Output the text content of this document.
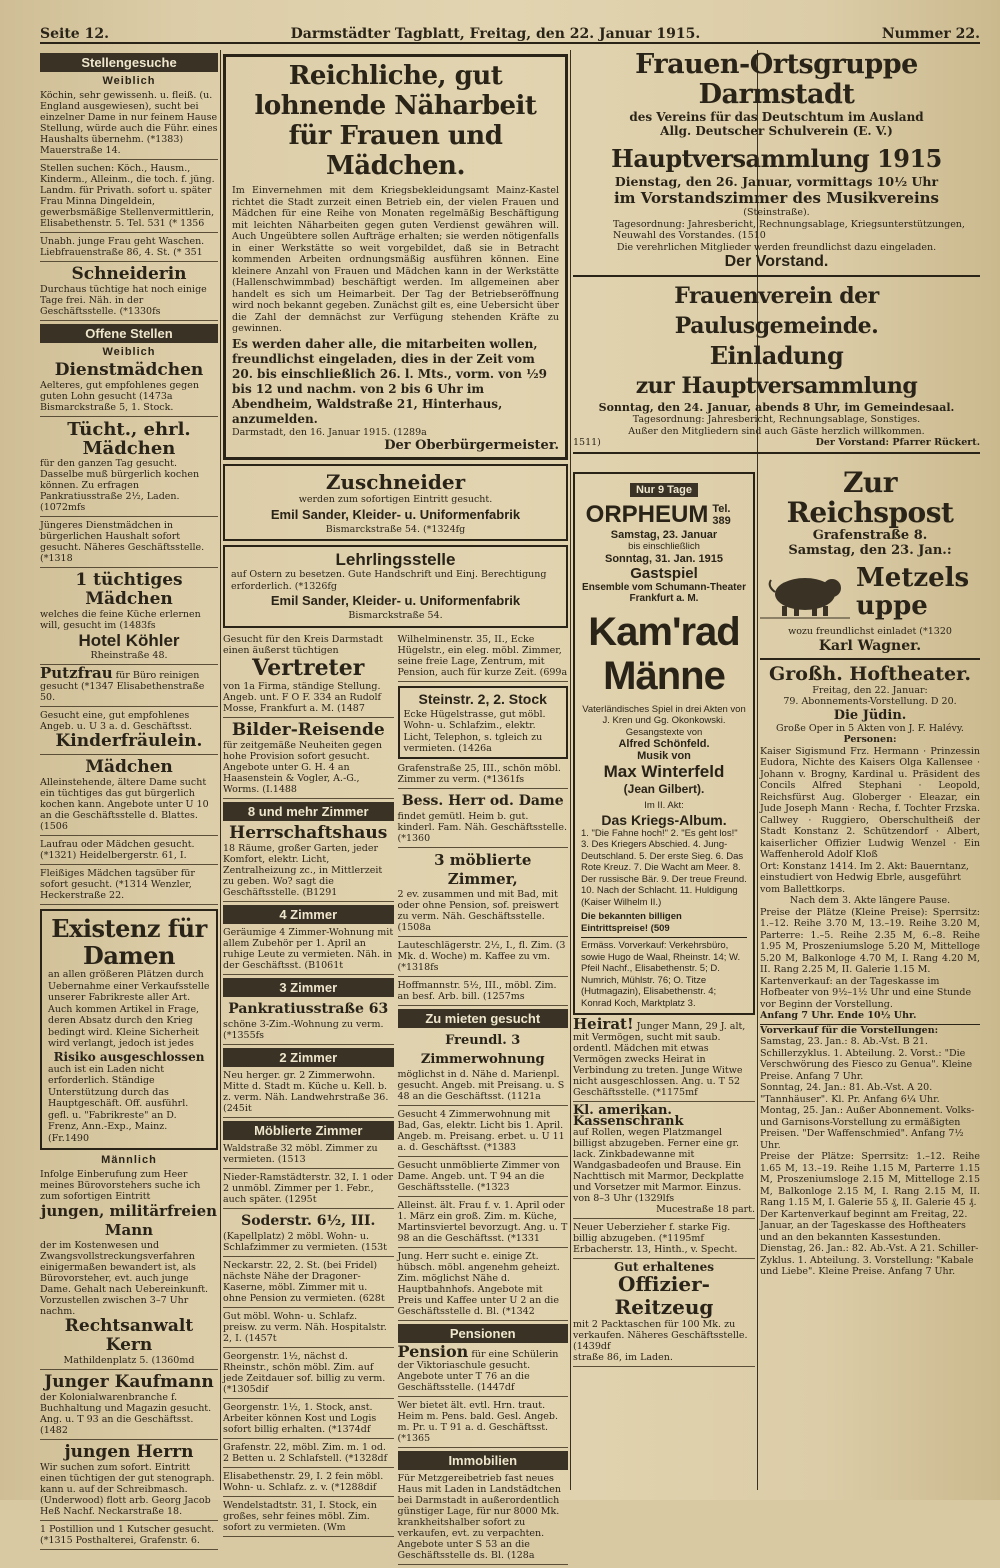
Seite 12.	Darmstädter Tagblatt, Freitag, den 22. Januar 1915.	Nummer 22.
Stellengesuche
Weiblich
Köchin, sehr gewissenh. u. fleiß. (u. England ausgewiesen), sucht bei einzelner Dame in nur feinem Hause Stellung, würde auch die Führ. eines Haushalts übernehm. (*1383) Mauerstraße 14.
Stellen suchen: Köch., Hausm., Kinderm., Alleinm., die toch. f. jüng. Landm. für Privath. sofort u. später Frau Minna Dingeldein, gewerbsmäßige Stellenvermittlerin, Elisabethenstr. 5. Tel. 531 (* 1356
Unabh. junge Frau geht Waschen. Liebfrauenstraße 86, 4. St. (* 351
Schneiderin
Durchaus tüchtige hat noch einige Tage frei. Näh. in der Geschäftsstelle. (*1330fs
Offene Stellen
Weiblich
Dienstmädchen
Aelteres, gut empfohlenes gegen guten Lohn gesucht (1473a Bismarckstraße 5, 1. Stock.
Tücht., ehrl. Mädchen
für den ganzen Tag gesucht. Dasselbe muß bürgerlich kochen können. Zu erfragen Pankratiusstraße 2½, Laden. (1072mfs
Jüngeres Dienstmädchen in bürgerlichen Haushalt sofort gesucht. Näheres Geschäftsstelle. (*1318
1 tüchtiges Mädchen
welches die feine Küche erlernen will, gesucht im (1483fs
Hotel Köhler
Rheinstraße 48.
Putzfrau für Büro reinigen gesucht (*1347 Elisabethenstraße 50.
Gesucht eine, gut empfohlenes Angeb. u. U 3 a. d. Geschäftsst.
Kinderfräulein.
Mädchen
Alleinstehende, ältere Dame sucht ein tüchtiges das gut bürgerlich kochen kann. Angebote unter U 10 an die Geschäftsstelle d. Blattes. (1506
Laufrau oder Mädchen gesucht. (*1321) Heidelbergerstr. 61, I.
Fleißiges Mädchen tagsüber für sofort gesucht. (*1314 Wenzler, Heckerstraße 22.
Existenz für Damen
an allen größeren Plätzen durch Uebernahme einer Verkaufsstelle unserer Fabrikreste aller Art. Auch kommen Artikel in Frage, deren Absatz durch den Krieg bedingt wird. Kleine Sicherheit wird verlangt, jedoch ist jedes
Risiko ausgeschlossen
auch ist ein Laden nicht erforderlich. Ständige Unterstützung durch das Hauptgeschäft. Off. ausführl. gefl. u. "Fabrikreste" an D. Frenz, Ann.-Exp., Mainz. (Fr.1490
Männlich
Infolge Einberufung zum Heer meines Bürovorstehers suche ich zum sofortigen Eintritt
jungen, militärfreien Mann
der im Kostenwesen und Zwangsvollstreckungsverfahren einigermaßen bewandert ist, als Bürovorsteher, evt. auch junge Dame. Gehalt nach Uebereinkunft. Vorzustellen zwischen 3–7 Uhr nachm.
Rechtsanwalt Kern
Mathildenplatz 5. (1360md
Junger Kaufmann
der Kolonialwarenbranche f. Buchhaltung und Magazin gesucht. Ang. u. T 93 an die Geschäftsst. (1482
jungen Herrn
Wir suchen zum sofort. Eintritt einen tüchtigen der gut stenograph. kann u. auf der Schreibmasch. (Underwood) flott arb. Georg Jacob Heß Nachf. Neckarstraße 18.
1 Postillion und 1 Kutscher gesucht. (*1315 Posthalterei, Grafenstr. 6.
Reichliche, gut lohnende Näharbeit für Frauen und Mädchen.
Im Einvernehmen mit dem Kriegsbekleidungsamt Mainz-Kastel richtet die Stadt zurzeit einen Betrieb ein, der vielen Frauen und Mädchen für eine Reihe von Monaten regelmäßig Beschäftigung mit leichten Näharbeiten gegen guten Verdienst gewähren will. Auch Ungeübtere sollen Aufträge erhalten; sie werden nötigenfalls in einer Werkstätte so weit vorgebildet, daß sie in Betracht kommenden Arbeiten ordnungsmäßig ausführen können. Eine kleinere Anzahl von Frauen und Mädchen kann in der Werkstätte (Hallenschwimmbad) beschäftigt werden. Im allgemeinen aber handelt es sich um Heimarbeit. Der Tag der Betriebseröffnung wird noch bekannt gegeben. Zunächst gilt es, eine Uebersicht über die Zahl der demnächst zur Verfügung stehenden Kräfte zu gewinnen.
Es werden daher alle, die mitarbeiten wollen, freundlichst eingeladen, dies in der Zeit vom 20. bis einschließlich 26. l. Mts., vorm. von ½9 bis 12 und nachm. von 2 bis 6 Uhr im Abendheim, Waldstraße 21, Hinterhaus, anzumelden.
Darmstadt, den 16. Januar 1915. (1289a
Der Oberbürgermeister.
Zuschneider
werden zum sofortigen Eintritt gesucht.
Emil Sander, Kleider- u. Uniformenfabrik
Bismarckstraße 54. (*1324fg
Lehrlingsstelle
auf Ostern zu besetzen. Gute Handschrift und Einj. Berechtigung erforderlich. (*1326fg
Emil Sander, Kleider- u. Uniformenfabrik
Bismarckstraße 54.
Gesucht für den Kreis Darmstadt einen äußerst tüchtigen
Vertreter
von 1a Firma, ständige Stellung. Angeb. unt. F O F. 334 an Rudolf Mosse, Frankfurt a. M. (1487
Bilder-Reisende
für zeitgemäße Neuheiten gegen hohe Provision sofort gesucht. Angebote unter G. H. 4 an Haasenstein & Vogler, A.-G., Worms. (I.1488
8 und mehr Zimmer
Herrschaftshaus
18 Räume, großer Garten, jeder Komfort, elektr. Licht, Zentralheizung zc., in Mittlerzeit zu geben. Wo? sagt die Geschäftsstelle. (B1291
4 Zimmer
Geräumige 4 Zimmer-Wohnung mit allem Zubehör per 1. April an ruhige Leute zu vermieten. Näh. in der Geschäftsst. (B1061t
3 Zimmer
Pankratiusstraße 63
schöne 3-Zim.-Wohnung zu verm. (*1355fs
2 Zimmer
Neu herger. gr. 2 Zimmerwohn. Mitte d. Stadt m. Küche u. Kell. b. z. verm. Näh. Landwehrstraße 36. (245it
Möblierte Zimmer
Waldstraße 32 möbl. Zimmer zu vermieten. (1513
Nieder-Ramstädterstr. 32, I. 1 oder 2 unmöbl. Zimmer per 1. Febr., auch später. (1295t
Soderstr. 6½, III.
(Kapellplatz) 2 möbl. Wohn- u. Schlafzimmer zu vermieten. (153t
Neckarstr. 22, 2. St. (bei Fridel) nächste Nähe der Dragoner-Kaserne, möbl. Zimmer mit u. ohne Pension zu vermieten. (628t
Gut möbl. Wohn- u. Schlafz. preisw. zu verm. Näh. Hospitalstr. 2, I. (1457t
Georgenstr. 1½, nächst d. Rheinstr., schön möbl. Zim. auf jede Zeitdauer sof. billig zu verm. (*1305dif
Georgenstr. 1½, 1. Stock, anst. Arbeiter können Kost und Logis sofort billig erhalten. (*1374df
Grafenstr. 22, möbl. Zim. m. 1 od. 2 Betten u. 2 Schlafstell. (*1328df
Elisabethenstr. 29, I. 2 fein möbl. Wohn- u. Schlafz. z. v. (*1288dif
Wendelstadtstr. 31, I. Stock, ein großes, sehr feines möbl. Zim. sofort zu vermieten. (Wm
Wilhelminenstr. 35, II., Ecke Hügelstr., ein eleg. möbl. Zimmer, seine freie Lage, Zentrum, mit Pension, auch für kurze Zeit. (699a
Steinstr. 2, 2. Stock
Ecke Hügelstrasse, gut möbl. Wohn- u. Schlafzim., elektr. Licht, Telephon, s. tgleich zu vermieten. (1426a
Grafenstraße 25, III., schön möbl. Zimmer zu verm. (*1361fs
Bess. Herr od. Dame
findet gemütl. Heim b. gut. kinderl. Fam. Näh. Geschäftsstelle. (*1360
3 möblierte Zimmer,
2 ev. zusammen und mit Bad, mit oder ohne Pension, sof. preiswert zu verm. Näh. Geschäftsstelle. (1508a
Lauteschlägerstr. 2½, I., fl. Zim. (3 Mk. d. Woche) m. Kaffee zu vm. (*1318fs
Hoffmannstr. 5½, III., möbl. Zim. an besf. Arb. bill. (1257ms
Zu mieten gesucht
Freundl. 3 Zimmerwohnung
möglichst in d. Nähe d. Marienpl. gesucht. Angeb. mit Preisang. u. S 48 an die Geschäftsst. (1121a
Gesucht 4 Zimmerwohnung mit Bad, Gas, elektr. Licht bis 1. April. Angeb. m. Preisang. erbet. u. U 11 a. d. Geschäftsst. (*1383
Gesucht unmöblierte Zimmer von Dame. Angeb. unt. T 94 an die Geschäftsstelle. (*1323
Alleinst. ält. Frau f. v. 1. April oder 1. März ein groß. Zim. m. Küche, Martinsviertel bevorzugt. Ang. u. T 98 an die Geschäftsst. (*1331
Jung. Herr sucht e. einige Zt. hübsch. möbl. angenehm geheizt. Zim. möglichst Nähe d. Hauptbahnhofs. Angebote mit Preis und Kaffee unter U 2 an die Geschäftsstelle d. Bl. (*1342
Pensionen
Pension für eine Schülerin der Viktoriaschule gesucht. Angebote unter T 76 an die Geschäftsstelle. (1447df
Wer bietet ält. evtl. Hrn. traut. Heim m. Pens. bald. Gesl. Angeb. m. Pr. u. T 91 a. d. Geschäftsst. (*1365
Immobilien
Für Metzgereibetrieb fast neues Haus mit Laden in Landstädtchen bei Darmstadt in außerordentlich günstiger Lage, für nur 8000 Mk. krankheitshalber sofort zu verkaufen, evt. zu verpachten. Angebote unter S 53 an die Geschäftsstelle ds. Bl. (128a
Frauen-Ortsgruppe Darmstadt
des Vereins für das Deutschtum im Ausland
Allg. Deutscher Schulverein (E. V.)
Hauptversammlung 1915
Dienstag, den 26. Januar, vormittags 10½ Uhr
im Vorstandszimmer des Musikvereins
(Steinstraße).
Tagesordnung: Jahresbericht, Rechnungsablage, Kriegsunterstützungen, Neuwahl des Vorstandes. (1510
Die verehrlichen Mitglieder werden freundlichst dazu eingeladen.
Der Vorstand.
Frauenverein der Paulusgemeinde.
Einladung
zur Hauptversammlung
Sonntag, den 24. Januar, abends 8 Uhr, im Gemeindesaal.
Tagesordnung: Jahresbericht, Rechnungsablage, Sonstiges.
Außer den Mitgliedern sind auch Gäste herzlich willkommen.
1511)	Der Vorstand: Pfarrer Rückert.
Nur 9 Tage
ORPHEUM Tel. 389
Samstag, 23. Januar
bis einschließlich
Sonntag, 31. Jan. 1915
Gastspiel
Ensemble vom Schumann-Theater Frankfurt a. M.
Kam'rad Männe
Vaterländisches Spiel in drei Akten von J. Kren und Gg. Okonkowski. Gesangstexte von
Alfred Schönfeld.
Musik von
Max Winterfeld
(Jean Gilbert).
Im II. Akt:
Das Kriegs-Album.
1. "Die Fahne hoch!" 2. "Es geht los!" 3. Des Kriegers Abschied. 4. Jung-Deutschland. 5. Der erste Sieg. 6. Das Rote Kreuz. 7. Die Wacht am Meer. 8. Der russische Bär. 9. Der treue Freund. 10. Nach der Schlacht. 11. Huldigung (Kaiser Wilhelm II.)
Die bekannten billigen Eintrittspreise! (509
Ermäss. Vorverkauf: Verkehrsbüro, sowie Hugo de Waal, Rheinstr. 14; W. Pfeil Nachf., Elisabethenstr. 5; D. Numrich, Mühlstr. 76; O. Titze (Hutmagazin), Elisabethenstr. 4; Konrad Koch, Marktplatz 3.
Heirat! Junger Mann, 29 J. alt, mit Vermögen, sucht mit saub. ordentl. Mädchen mit etwas Vermögen zwecks Heirat in Verbindung zu treten. Junge Witwe nicht ausgeschlossen. Ang. u. T 52 Geschäftsstelle. (*1175mf
Kl. amerikan. Kassenschrank
auf Rollen, wegen Platzmangel billigst abzugeben. Ferner eine gr. lack. Zinkbadewanne mit Wandgasbadeofen und Brause. Ein Nachttisch mit Marmor, Deckplatte und Vorsetzer mit Marmor. Einzus. von 8–3 Uhr (1329lfs
Mucestraße 18 part.
Neuer Ueberzieher f. starke Fig. billig abzugeben. (*1195mf Erbacherstr. 13, Hinth., v. Specht.
Gut erhaltenes
Offizier-Reitzeug
mit 2 Packtaschen für 100 Mk. zu verkaufen. Näheres Geschäftsstelle. (1439df
straße 86, im Laden.
Zur Reichspost
Grafenstraße 8.
Samstag, den 23. Jan.:
Metzelsuppe
wozu freundlichst einladet (*1320
Karl Wagner.
Großh. Hoftheater.
Freitag, den 22. Januar:
79. Abonnements-Vorstellung. D 20.
Die Jüdin.
Große Oper in 5 Akten von J. F. Halévy.
Personen:
Kaiser Sigismund Frz. Hermann · Prinzessin Eudora, Nichte des Kaisers Olga Kallensee · Johann v. Brogny, Kardinal u. Präsident des Concils Alfred Stephani · Leopold, Reichsfürst Aug. Globerger · Eleazar, ein Jude Joseph Mann · Recha, f. Tochter Frzska. Callwey · Ruggiero, Oberschultheiß der Stadt Konstanz 2. Schützendorf · Albert, kaiserlicher Offizier Ludwig Wenzel · Ein Waffenherold Adolf Kloß
Ort: Konstanz 1414. Im 2. Akt: Bauerntanz, einstudiert von Hedwig Ebrle, ausgeführt vom Ballettkorps.
Nach dem 3. Akte längere Pause.
Preise der Plätze (Kleine Preise): Sperrsitz: 1.–12. Reihe 3.70 M, 13.–19. Reihe 3.20 M, Parterre: 1.–5. Reihe 2.35 M, 6.–8. Reihe 1.95 M, Proszeniumsloge 5.20 M, Mittelloge 5.20 M, Balkonloge 4.70 M, I. Rang 4.20 M, II. Rang 2.25 M, II. Galerie 1.15 M.
Kartenverkauf: an der Tageskasse im Hofbeater von 9½–1½ Uhr und eine Stunde vor Beginn der Vorstellung.
Anfang 7 Uhr. Ende 10½ Uhr.
Vorverkauf für die Vorstellungen:
Samstag, 23. Jan.: 8. Ab.-Vst. B 21. Schillerzyklus. 1. Abteilung. 2. Vorst.: "Die Verschwörung des Fiesco zu Genua". Kleine Preise. Anfang 7 Uhr.
Sonntag, 24. Jan.: 81. Ab.-Vst. A 20. "Tannhäuser". Kl. Pr. Anfang 6¼ Uhr.
Montag, 25. Jan.: Außer Abonnement. Volks- und Garnisons-Vorstellung zu ermäßigten Preisen. "Der Waffenschmied". Anfang 7½ Uhr.
Preise der Plätze: Sperrsitz: 1.–12. Reihe 1.65 M, 13.–19. Reihe 1.15 M, Parterre 1.15 M, Proszeniumsloge 2.15 M, Mittelloge 2.15 M, Balkonloge 2.15 M, I. Rang 2.15 M, II. Rang 1.15 M, I. Galerie 55 ₰, II. Galerie 45 ₰.
Der Kartenverkauf beginnt am Freitag, 22. Januar, an der Tageskasse des Hoftheaters und an den bekannten Kassestunden.
Dienstag, 26. Jan.: 82. Ab.-Vst. A 21. Schiller-Zyklus. 1. Abteilung. 3. Vorstellung: "Kabale und Liebe". Kleine Preise. Anfang 7 Uhr.
